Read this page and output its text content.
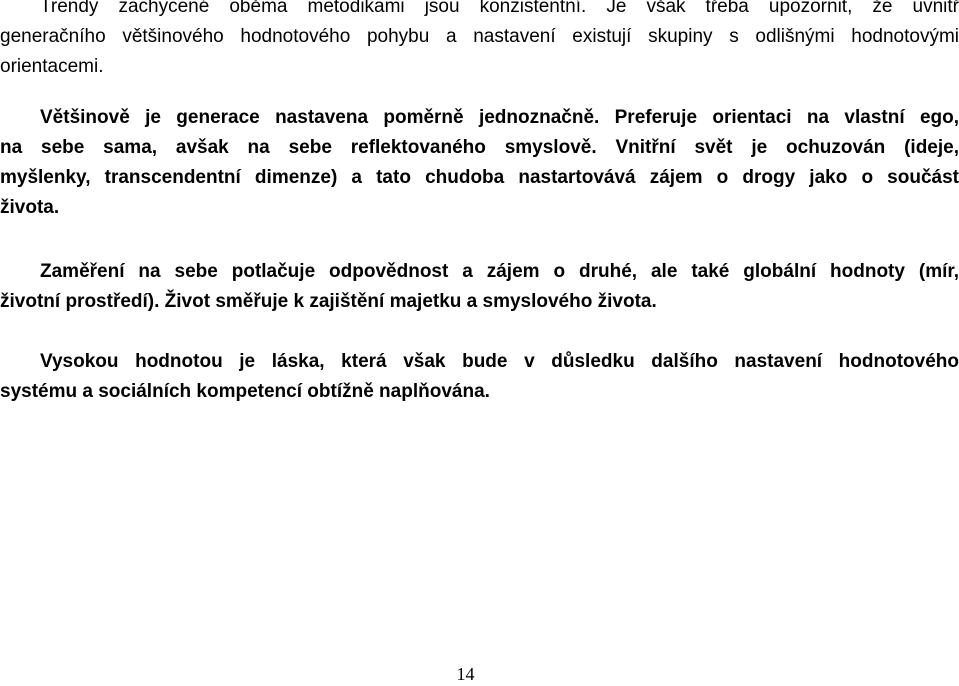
Trendy zachycené oběma metodikami jsou konzistentní. Je však třeba upozornit, že uvnitř
generačního většinového hodnotového pohybu a nastavení existují skupiny s odlišnými hodnotovými
orientacemi.
Většinově je generace nastavena poměrně jednoznačně. Preferuje orientaci na vlastní ego,
na sebe sama, avšak na sebe reflektovaného smyslově. Vnitřní svět je ochuzován (ideje,
myšlenky, transcendentní dimenze) a tato chudoba nastartovává zájem o drogy jako o součást
života.
Zaměření na sebe potlačuje odpovědnost a zájem o druhé, ale také globální hodnoty (mír,
životní prostředí). Život směřuje k zajištění majetku a smyslového života.
Vysokou hodnotou je láska, která však bude v důsledku dalšího nastavení hodnotového
systému a sociálních kompetencí obtížně naplňována.
14
